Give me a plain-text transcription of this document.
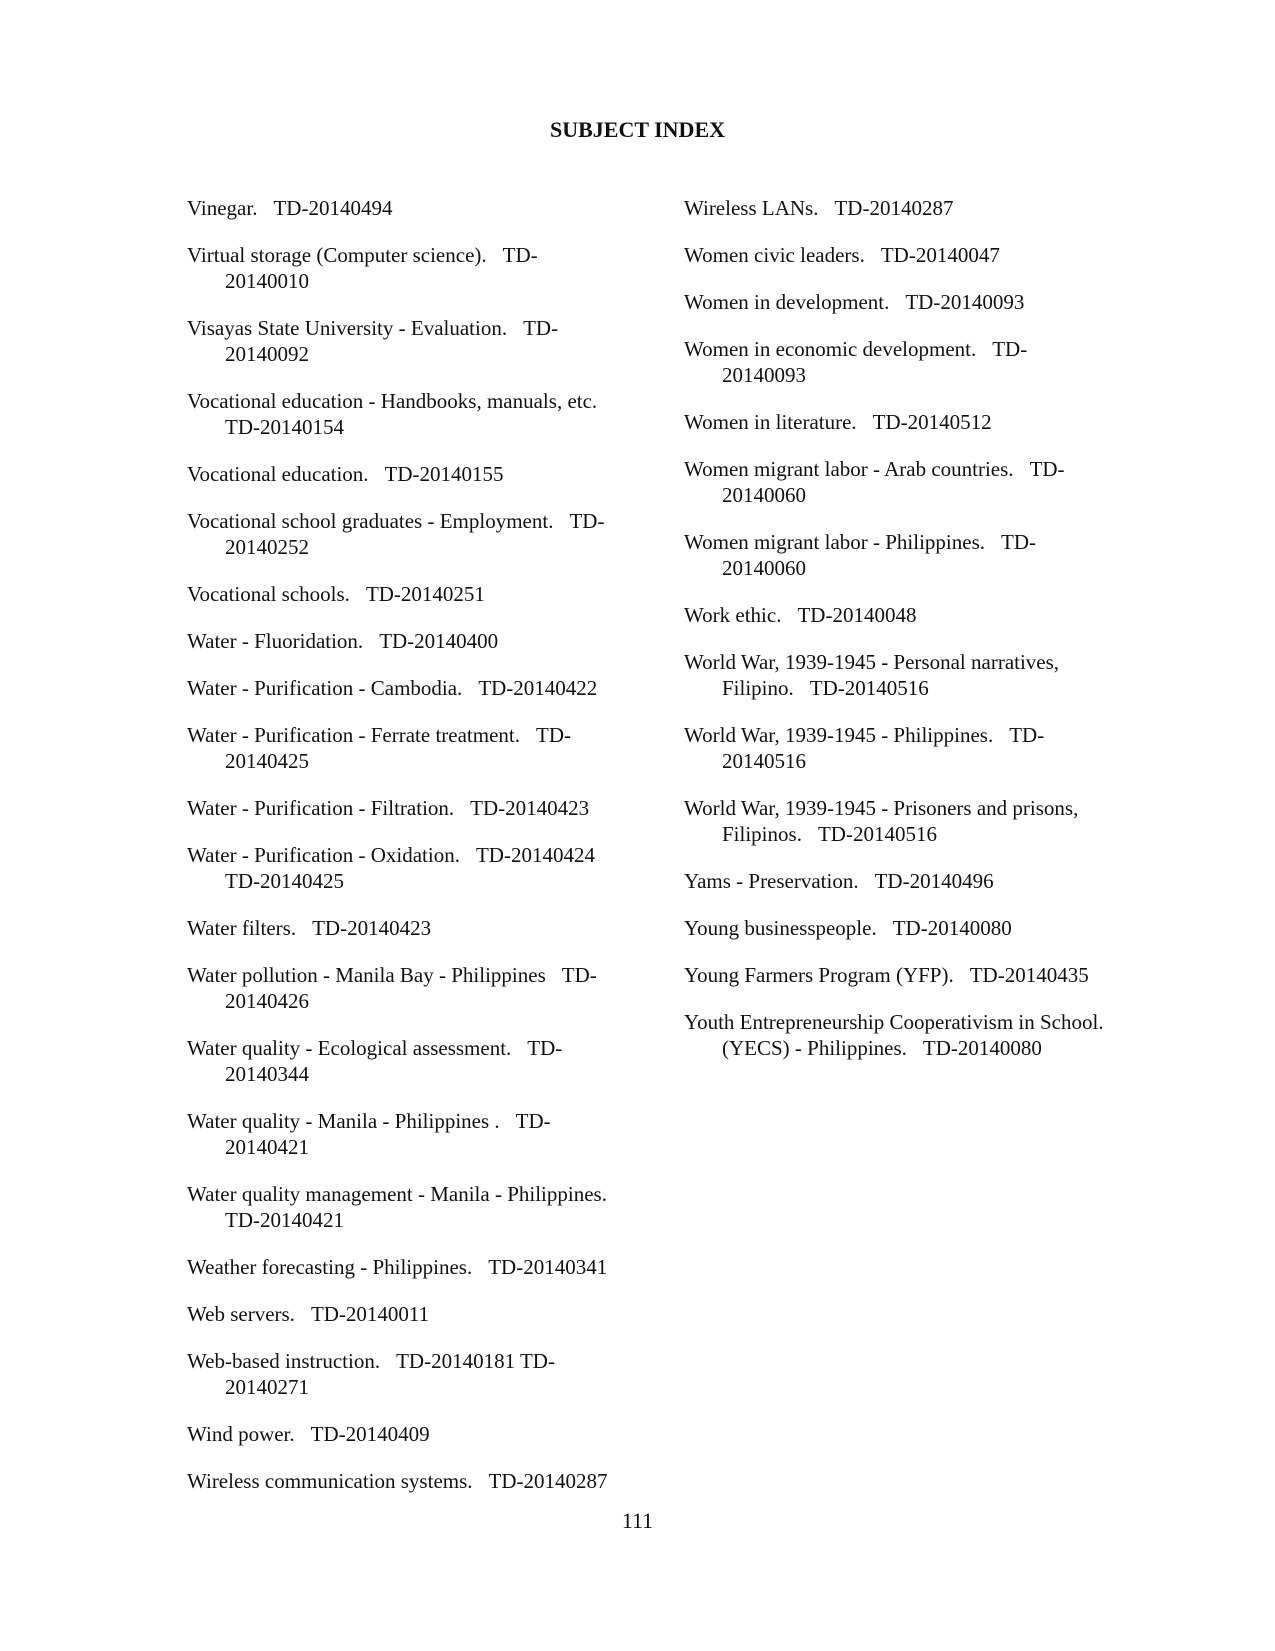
SUBJECT INDEX

Vinegar. TD-20140494

Virtual storage (Computer science). TD-
20140010

Visayas State University - Evaluation. TD-
20140092

Vocational education - Handbooks, manuals, etc.
TD-20140154

Vocational education. TD-20140155

Vocational school graduates - Employment. TD-
20140252

Vocational schools. TD-20140251

Water - Fluoridation. TD-20140400

Water - Purification - Cambodia. TD-20140422

Water - Purification - Ferrate treatment. TD-
20140425

Water - Purification - Filtration. TD-20140423

Water - Purification - Oxidation. TD-20140424
TD-20140425

Water filters. TD-20140423

Water pollution - Manila Bay - Philippines TD-
20140426

Water quality - Ecological assessment. TD-
20140344

Water quality - Manila - Philippines . TD-
20140421

Water quality management - Manila - Philippines.
TD-20140421

Weather forecasting - Philippines. TD-20140341

Web servers. TD-20140011

Web-based instruction. TD-20140181 TD-
20140271

Wind power. TD-20140409

Wireless communication systems. TD-20140287

Wireless LANs. TD-20140287

Women civic leaders. TD-20140047

Women in development. TD-20140093

Women in economic development. TD-
20140093

Women in literature. TD-20140512

Women migrant labor - Arab countries. TD-
20140060

Women migrant labor - Philippines. TD-
20140060

Work ethic. TD-20140048

World War, 1939-1945 - Personal narratives,
Filipino. TD-20140516

World War, 1939-1945 - Philippines. TD-
20140516

World War, 1939-1945 - Prisoners and prisons,
Filipinos. TD-20140516

Yams - Preservation. TD-20140496

Young businesspeople. TD-20140080

Young Farmers Program (YFP). TD-20140435

Youth Entrepreneurship Cooperativism in School.
(YECS) - Philippines. TD-20140080

111
